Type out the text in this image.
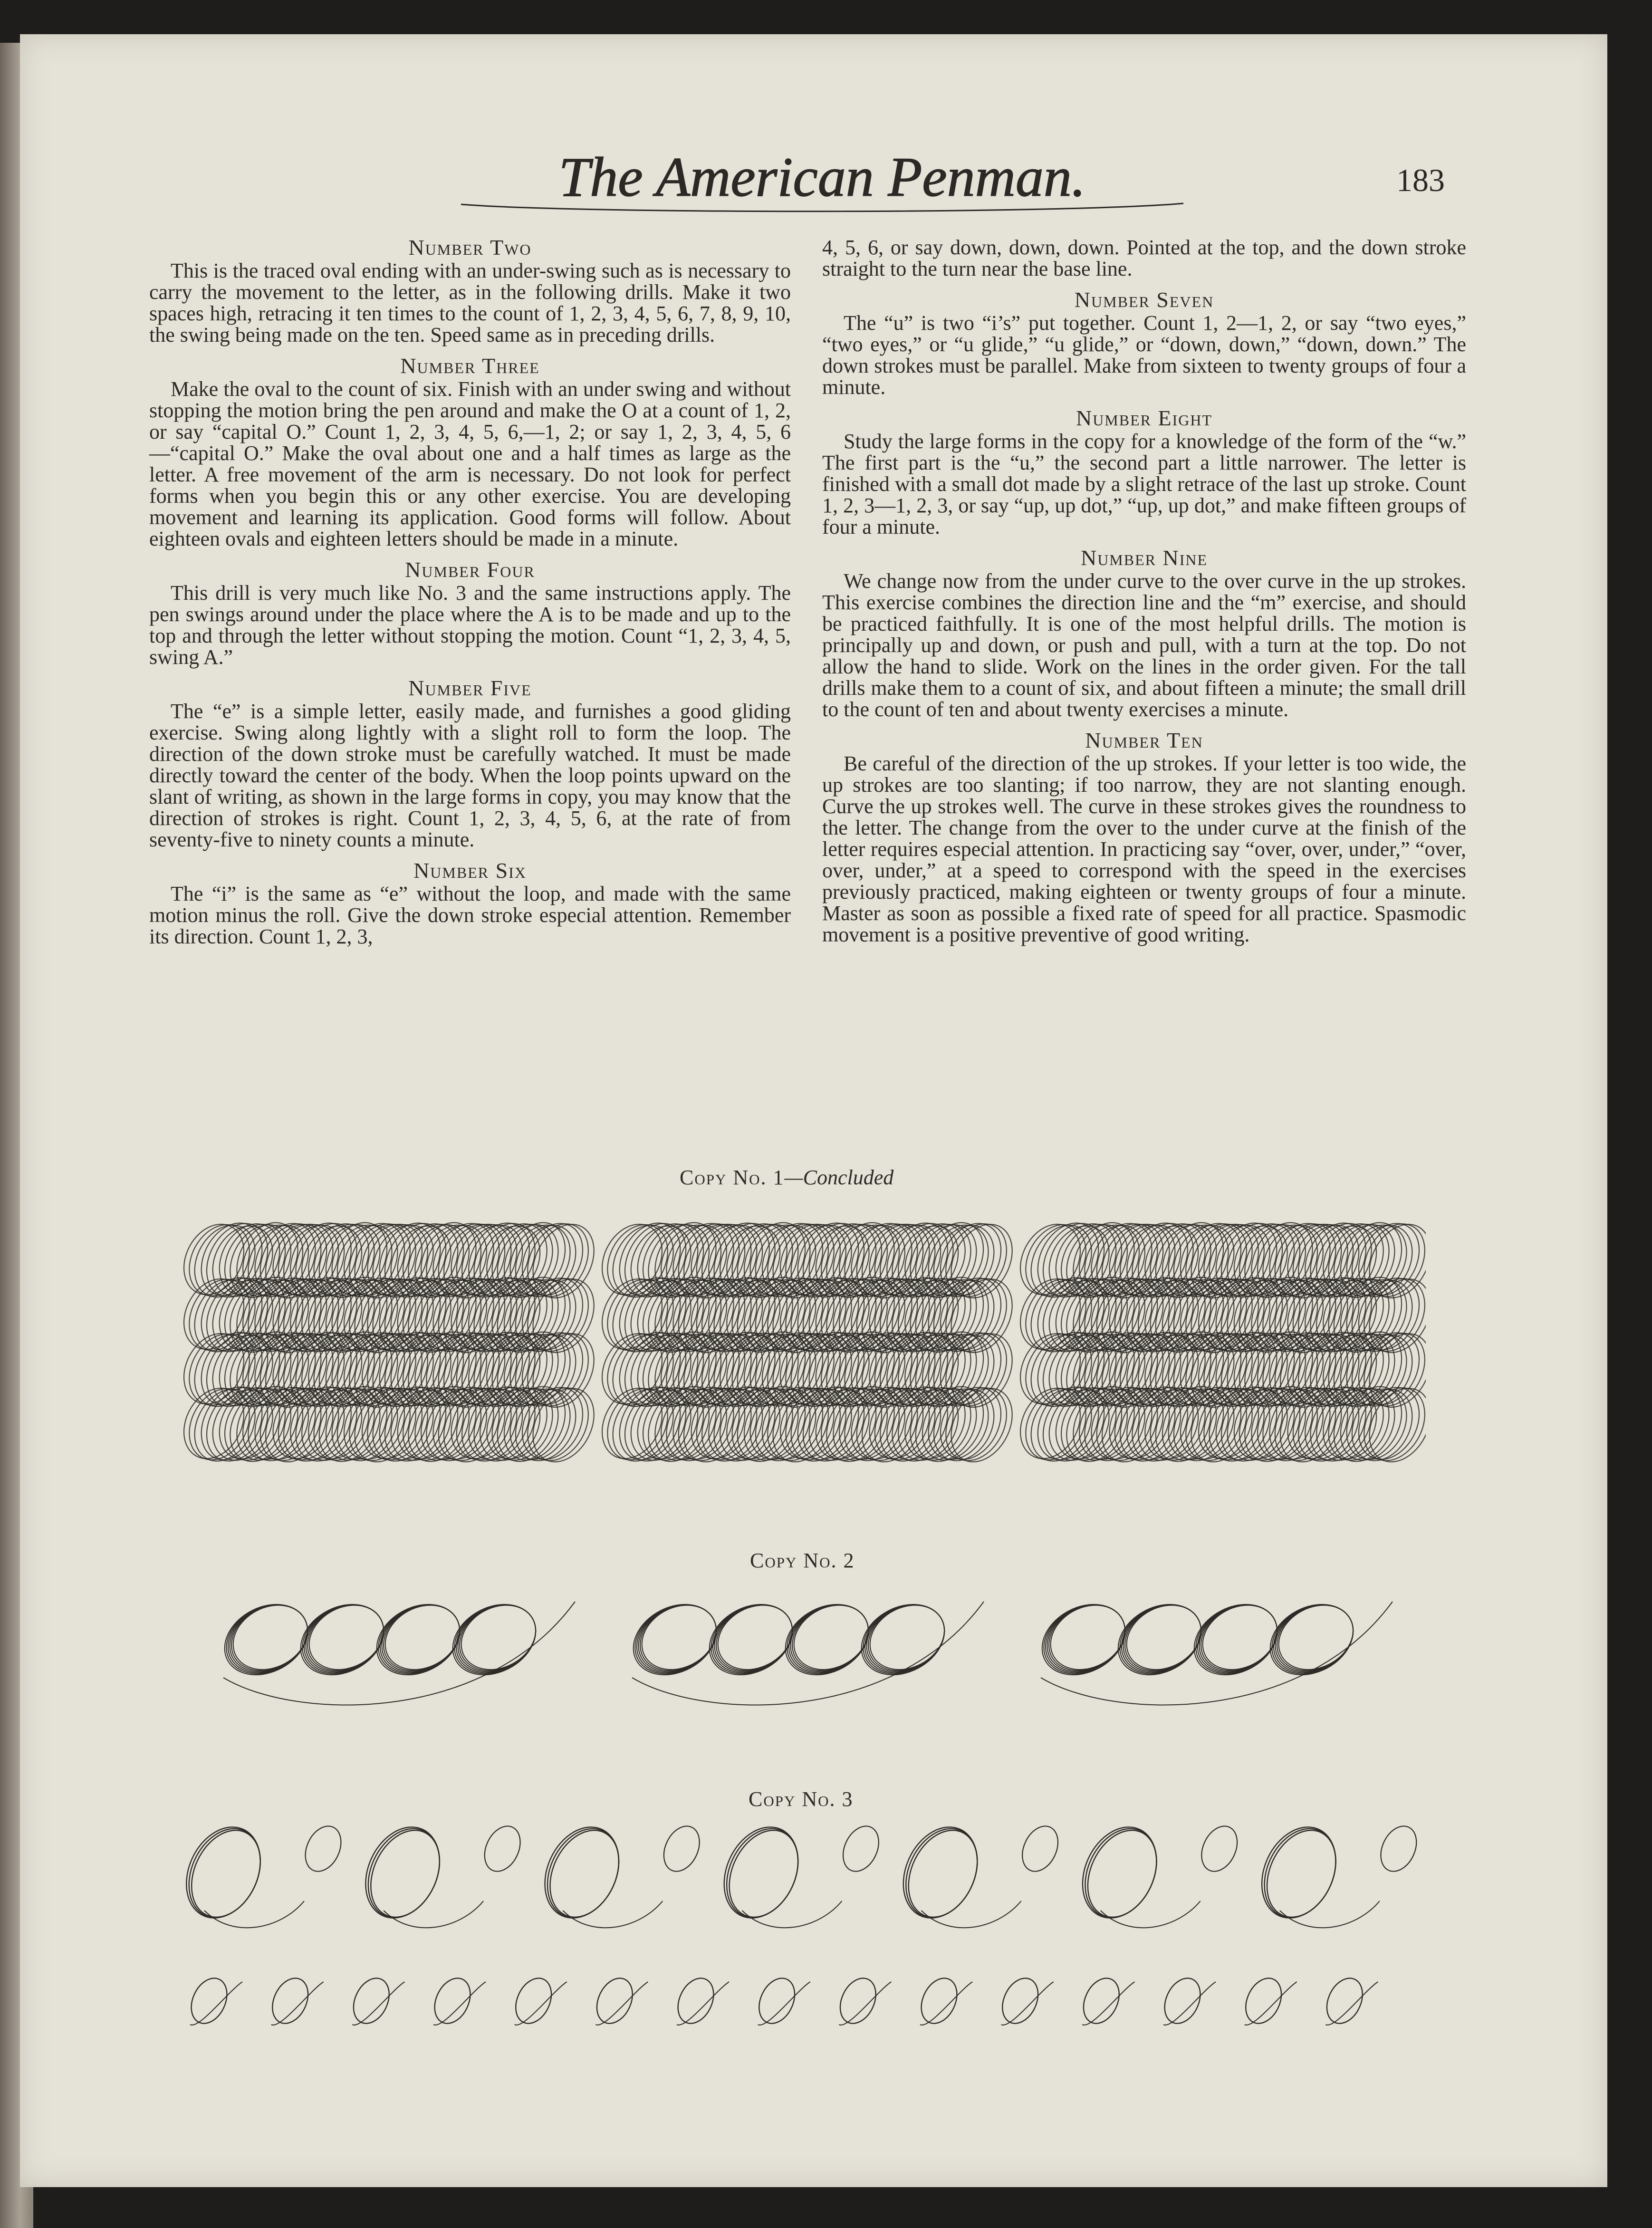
The American Penman.	183
Number Two

This is the traced oval ending with an under-swing such as is necessary to carry the movement to the letter, as in the following drills. Make it two spaces high, retracing it ten times to the count of 1, 2, 3, 4, 5, 6, 7, 8, 9, 10, the swing being made on the ten. Speed same as in preceding drills.

Number Three

Make the oval to the count of six. Finish with an under swing and without stopping the motion bring the pen around and make the O at a count of 1, 2, or say “capital O.” Count 1, 2, 3, 4, 5, 6,—1, 2; or say 1, 2, 3, 4, 5, 6—“capital O.” Make the oval about one and a half times as large as the letter. A free movement of the arm is necessary. Do not look for perfect forms when you begin this or any other exercise. You are developing movement and learning its application. Good forms will follow. About eighteen ovals and eighteen letters should be made in a minute.

Number Four

This drill is very much like No. 3 and the same instructions apply. The pen swings around under the place where the A is to be made and up to the top and through the letter without stopping the motion. Count “1, 2, 3, 4, 5, swing A.”

Number Five

The “e” is a simple letter, easily made, and furnishes a good gliding exercise. Swing along lightly with a slight roll to form the loop. The direction of the down stroke must be carefully watched. It must be made directly toward the center of the body. When the loop points upward on the slant of writing, as shown in the large forms in copy, you may know that the direction of strokes is right. Count 1, 2, 3, 4, 5, 6, at the rate of from seventy-five to ninety counts a minute.

Number Six

The “i” is the same as “e” without the loop, and made with the same motion minus the roll. Give the down stroke especial attention. Remember its direction. Count 1, 2, 3,

4, 5, 6, or say down, down, down. Pointed at the top, and the down stroke straight to the turn near the base line.

Number Seven

The “u” is two “i’s” put together. Count 1, 2—1, 2, or say “two eyes,” “two eyes,” or “u glide,” “u glide,” or “down, down,” “down, down.” The down strokes must be parallel. Make from sixteen to twenty groups of four a minute.

Number Eight

Study the large forms in the copy for a knowledge of the form of the “w.” The first part is the “u,” the second part a little narrower. The letter is finished with a small dot made by a slight retrace of the last up stroke. Count 1, 2, 3—1, 2, 3, or say “up, up dot,” “up, up dot,” and make fifteen groups of four a minute.

Number Nine

We change now from the under curve to the over curve in the up strokes. This exercise combines the direction line and the “m” exercise, and should be practiced faithfully. It is one of the most helpful drills. The motion is principally up and down, or push and pull, with a turn at the top. Do not allow the hand to slide. Work on the lines in the order given. For the tall drills make them to a count of six, and about fifteen a minute; the small drill to the count of ten and about twenty exercises a minute.

Number Ten

Be careful of the direction of the up strokes. If your letter is too wide, the up strokes are too slanting; if too narrow, they are not slanting enough. Curve the up strokes well. The curve in these strokes gives the roundness to the letter. The change from the over to the under curve at the finish of the letter requires especial attention. In practicing say “over, over, under,” “over, over, under,” at a speed to correspond with the speed in the exercises previously practiced, making eighteen or twenty groups of four a minute. Master as soon as possible a fixed rate of speed for all practice. Spasmodic movement is a positive preventive of good writing.

Copy No. 1—Concluded
Copy No. 2
Copy No. 3
